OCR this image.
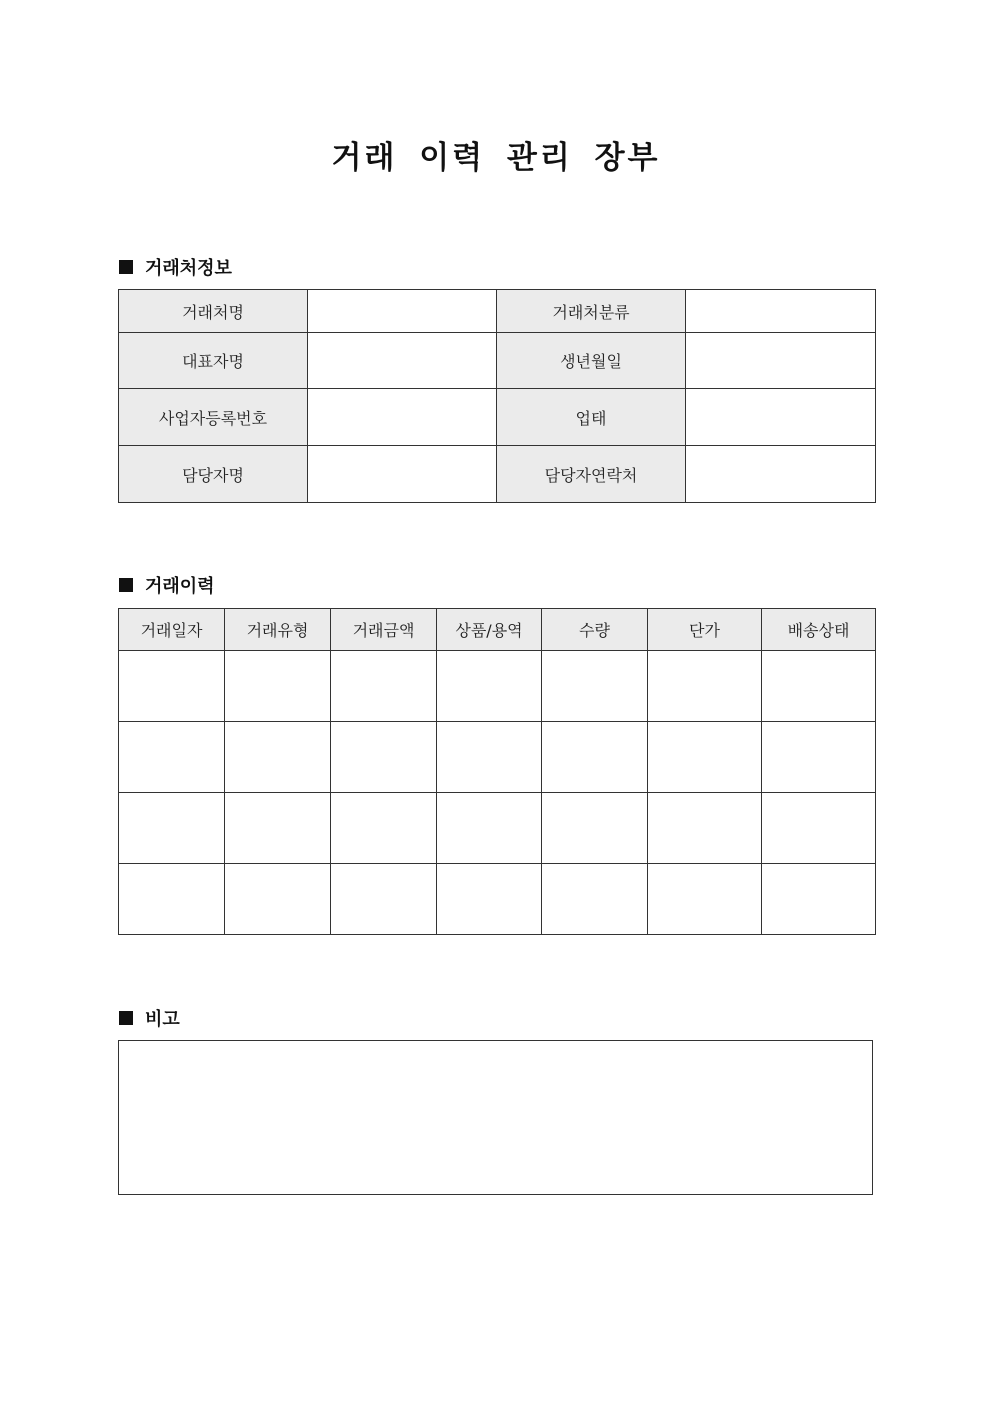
거래 이력 관리 장부
거래처정보
거래처명		거래처분류	
대표자명		생년월일	
사업자등록번호		업태	
담당자명		담당자연락처	
거래이력
거래일자	거래유형	거래금액	상품/용역	수량	단가	배송상태

비고
